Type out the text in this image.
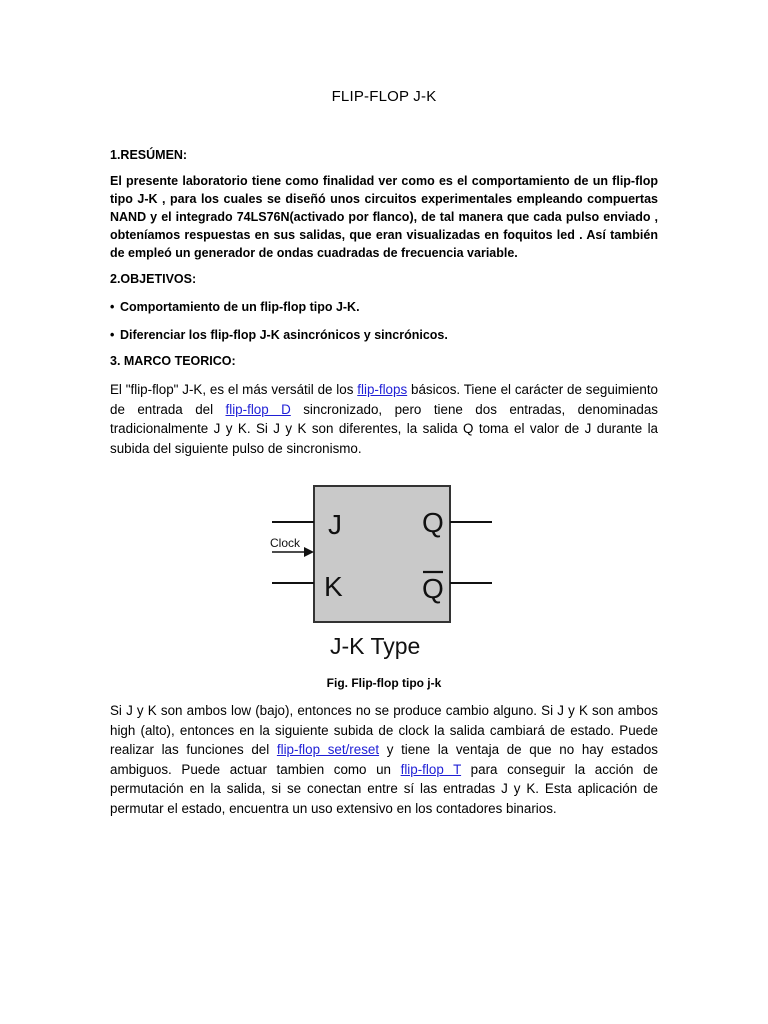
FLIP-FLOP J-K
1.RESÚMEN:
El presente laboratorio tiene como finalidad ver como es el comportamiento de un flip-flop tipo J-K , para los cuales se diseñó unos circuitos experimentales empleando compuertas NAND y el integrado 74LS76N(activado por flanco), de tal manera que cada pulso enviado , obteníamos respuestas en sus salidas, que eran visualizadas en foquitos led . Así también de empleó un generador de ondas cuadradas de frecuencia variable.
2.OBJETIVOS:
• Comportamiento de un flip-flop tipo J-K.
• Diferenciar los flip-flop J-K asincrónicos y sincrónicos.
3. MARCO TEORICO:
El "flip-flop" J-K, es el más versátil de los flip-flops básicos. Tiene el carácter de seguimiento de entrada del flip-flop D sincronizado, pero tiene dos entradas, denominadas tradicionalmente J y K. Si J y K son diferentes, la salida Q toma el valor de J durante la subida del siguiente pulso de sincronismo.
Clock
J
K
Q
Q
J-K Type
Fig. Flip-flop tipo j-k
Si J y K son ambos low (bajo), entonces no se produce cambio alguno. Si J y K son ambos high (alto), entonces en la siguiente subida de clock la salida cambiará de estado. Puede realizar las funciones del flip-flop set/reset y tiene la ventaja de que no hay estados ambiguos. Puede actuar tambien como un flip-flop T para conseguir la acción de permutación en la salida, si se conectan entre sí las entradas J y K. Esta aplicación de permutar el estado, encuentra un uso extensivo en los contadores binarios.
